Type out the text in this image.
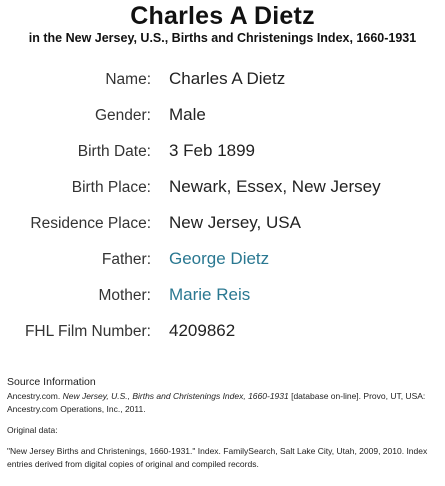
Charles A Dietz
in the New Jersey, U.S., Births and Christenings Index, 1660-1931
Name: Charles A Dietz
Gender: Male
Birth Date: 3 Feb 1899
Birth Place: Newark, Essex, New Jersey
Residence Place: New Jersey, USA
Father: George Dietz
Mother: Marie Reis
FHL Film Number: 4209862
Source Information

Ancestry.com. New Jersey, U.S., Births and Christenings Index, 1660-1931 [database on-line]. Provo, UT, USA: Ancestry.com Operations, Inc., 2011.

Original data:

"New Jersey Births and Christenings, 1660-1931." Index. FamilySearch, Salt Lake City, Utah, 2009, 2010. Index entries derived from digital copies of original and compiled records.
